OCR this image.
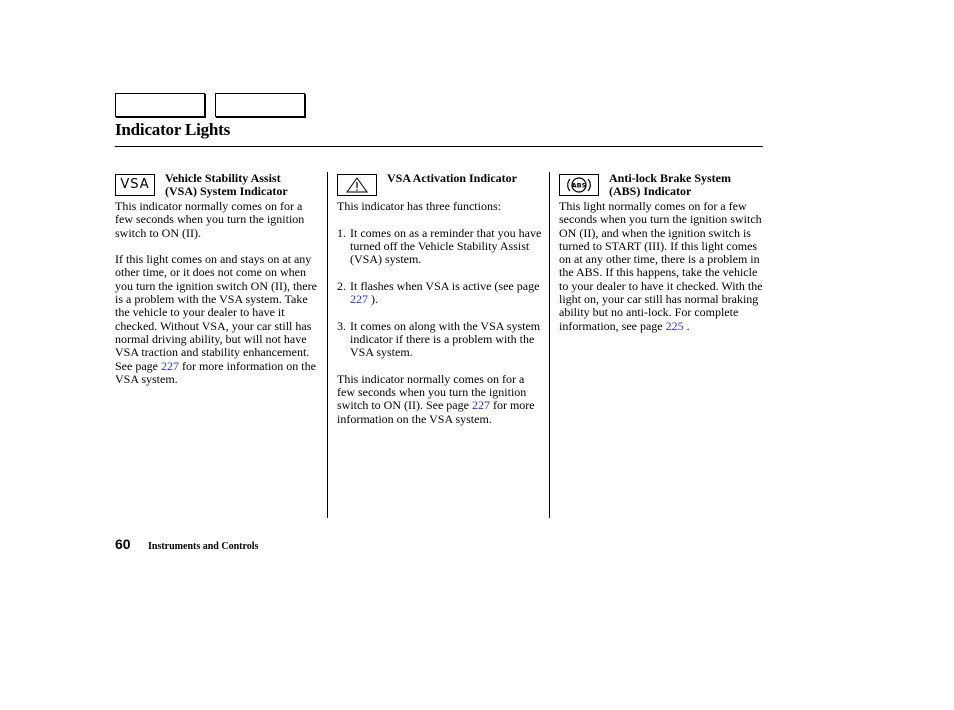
Indicator Lights
VSA Vehicle Stability Assist
(VSA) System Indicator

This indicator normally comes on for a few seconds when you turn the ignition switch to ON (II).

If this light comes on and stays on at any other time, or it does not come on when you turn the ignition switch ON (II), there is a problem with the VSA system. Take the vehicle to your dealer to have it checked. Without VSA, your car still has normal driving ability, but will not have VSA traction and stability enhancement. See page 227 for more information on the VSA system.

VSA Activation Indicator

This indicator has three functions:

1. It comes on as a reminder that you have turned off the Vehicle Stability Assist (VSA) system.
2. It flashes when VSA is active (see page 227 ).
3. It comes on along with the VSA system indicator if there is a problem with the VSA system.

This indicator normally comes on for a few seconds when you turn the ignition switch to ON (II). See page 227 for more information on the VSA system.

ABS
Anti-lock Brake System
(ABS) Indicator

This light normally comes on for a few seconds when you turn the ignition switch ON (II), and when the ignition switch is turned to START (III). If this light comes on at any other time, there is a problem in the ABS. If this happens, take the vehicle to your dealer to have it checked. With the light on, your car still has normal braking ability but no anti-lock. For complete information, see page 225 .

60 Instruments and Controls
